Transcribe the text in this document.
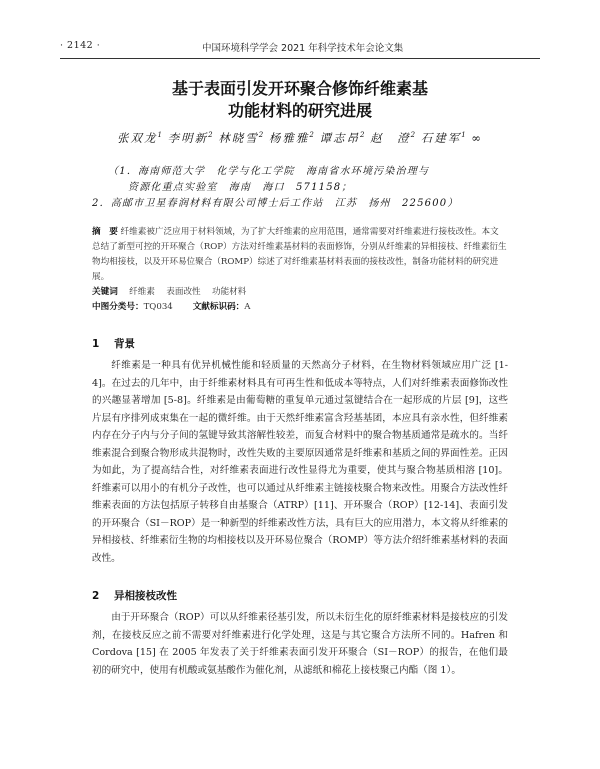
· 2142 ·	中国环境科学学会 2021 年科学技术年会论文集
基于表面引发开环聚合修饰纤维素基
功能材料的研究进展
张双龙$^1$ 李明新$^2$ 林晓雪$^2$ 杨雅雅$^2$ 谭志昂$^2$ 赵　澄$^2$ 石建军$^1$ ∞
（1．海南师范大学　化学与化工学院　海南省水环境污染治理与
资源化重点实验室　海南　海口　571158；
2．高邮市卫星春润材料有限公司博士后工作站　江苏　扬州　225600）
摘　要 纤维素被广泛应用于材料领域，为了扩大纤维素的应用范围，通常需要对纤维素进行接枝改性。本文总结了新型可控的开环聚合（ROP）方法对纤维素基材料的表面修饰，分别从纤维素的异相接枝、纤维素衍生物均相接枝，以及开环易位聚合（ROMP）综述了对纤维素基材料表面的接枝改性，制备功能材料的研究进展。
关键词　 纤维素　 表面改性　 功能材料
中图分类号：TQ034　　 文献标识码：A
1 背景

纤维素是一种具有优异机械性能和轻质量的天然高分子材料，在生物材料领域应用广泛 [1-4]。在过去的几年中，由于纤维素材料具有可再生性和低成本等特点，人们对纤维素表面修饰改性的兴趣显著增加 [5-8]。纤维素是由葡萄糖的重复单元通过氢键结合在一起形成的片层 [9]，这些片层有序排列成束集在一起的微纤维。由于天然纤维素富含羟基基团，本应具有亲水性，但纤维素内存在分子内与分子间的氢键导致其溶解性较差，而复合材料中的聚合物基质通常是疏水的。当纤维素混合到聚合物形成共混物时，改性失败的主要原因通常是纤维素和基质之间的界面性差。正因为如此，为了提高结合性，对纤维素表面进行改性显得尤为重要，使其与聚合物基质相溶 [10]。纤维素可以用小的有机分子改性，也可以通过从纤维素主链接枝聚合物来改性。用聚合方法改性纤维素表面的方法包括原子转移自由基聚合（ATRP）[11]、开环聚合（ROP）[12-14]、表面引发的开环聚合（SI－ROP）是一种新型的纤维素改性方法，具有巨大的应用潜力，本文将从纤维素的异相接枝、纤维素衍生物的均相接枝以及开环易位聚合（ROMP）等方法介绍纤维素基材料的表面改性。

2 异相接枝改性

由于开环聚合（ROP）可以从纤维素径基引发，所以未衍生化的原纤维素材料是接枝应的引发剂，在接枝反应之前不需要对纤维素进行化学处理，这是与其它聚合方法所不同的。Hafren 和 Cordova [15] 在 2005 年发表了关于纤维素表面引发开环聚合（SI－ROP）的报告，在他们最初的研究中，使用有机酸或氨基酸作为催化剂，从滤纸和棉花上接枝聚己内酯（图 1）。
